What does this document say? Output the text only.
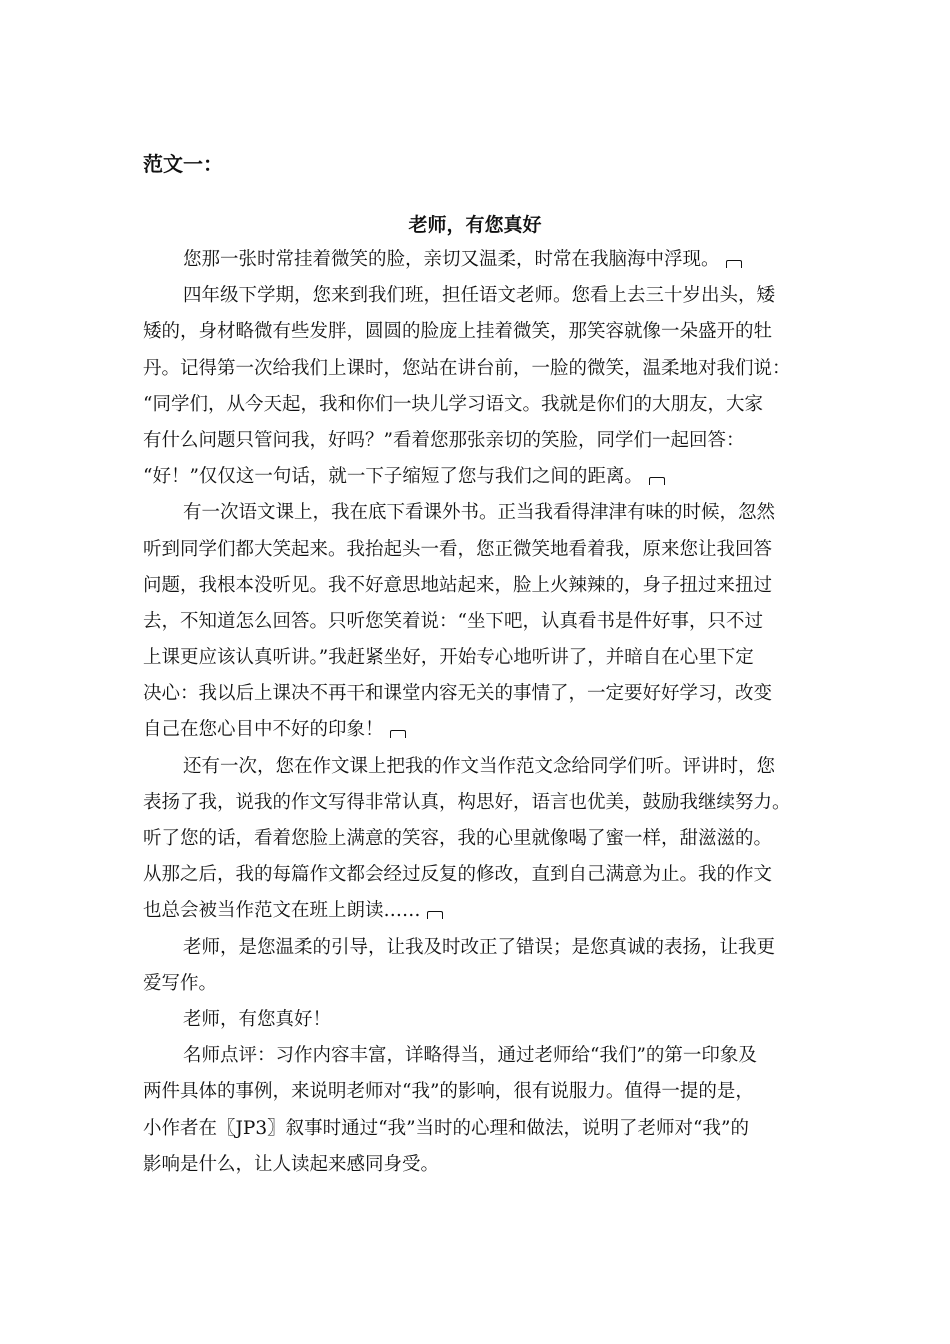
范文一：
老师，有您真好
您那一张时常挂着微笑的脸，亲切又温柔，时常在我脑海中浮现。
四年级下学期，您来到我们班，担任语文老师。您看上去三十岁出头，矮
矮的，身材略微有些发胖，圆圆的脸庞上挂着微笑，那笑容就像一朵盛开的牡
丹。记得第一次给我们上课时，您站在讲台前，一脸的微笑，温柔地对我们说：
“同学们，从今天起，我和你们一块儿学习语文。我就是你们的大朋友，大家
有什么问题只管问我，好吗？”看着您那张亲切的笑脸，同学们一起回答：
“好！”仅仅这一句话，就一下子缩短了您与我们之间的距离。
有一次语文课上，我在底下看课外书。正当我看得津津有味的时候，忽然
听到同学们都大笑起来。我抬起头一看，您正微笑地看着我，原来您让我回答
问题，我根本没听见。我不好意思地站起来，脸上火辣辣的，身子扭过来扭过
去，不知道怎么回答。只听您笑着说：“坐下吧，认真看书是件好事，只不过
上课更应该认真听讲。”我赶紧坐好，开始专心地听讲了，并暗自在心里下定
决心：我以后上课决不再干和课堂内容无关的事情了，一定要好好学习，改变
自己在您心目中不好的印象！
还有一次，您在作文课上把我的作文当作范文念给同学们听。评讲时，您
表扬了我，说我的作文写得非常认真，构思好，语言也优美，鼓励我继续努力。
听了您的话，看着您脸上满意的笑容，我的心里就像喝了蜜一样，甜滋滋的。
从那之后，我的每篇作文都会经过反复的修改，直到自己满意为止。我的作文
也总会被当作范文在班上朗读……
老师，是您温柔的引导，让我及时改正了错误；是您真诚的表扬，让我更
爱写作。
老师，有您真好！
名师点评：习作内容丰富，详略得当，通过老师给“我们”的第一印象及
两件具体的事例，来说明老师对“我”的影响，很有说服力。值得一提的是，
小作者在〖JP3〗叙事时通过“我”当时的心理和做法，说明了老师对“我”的
影响是什么，让人读起来感同身受。
